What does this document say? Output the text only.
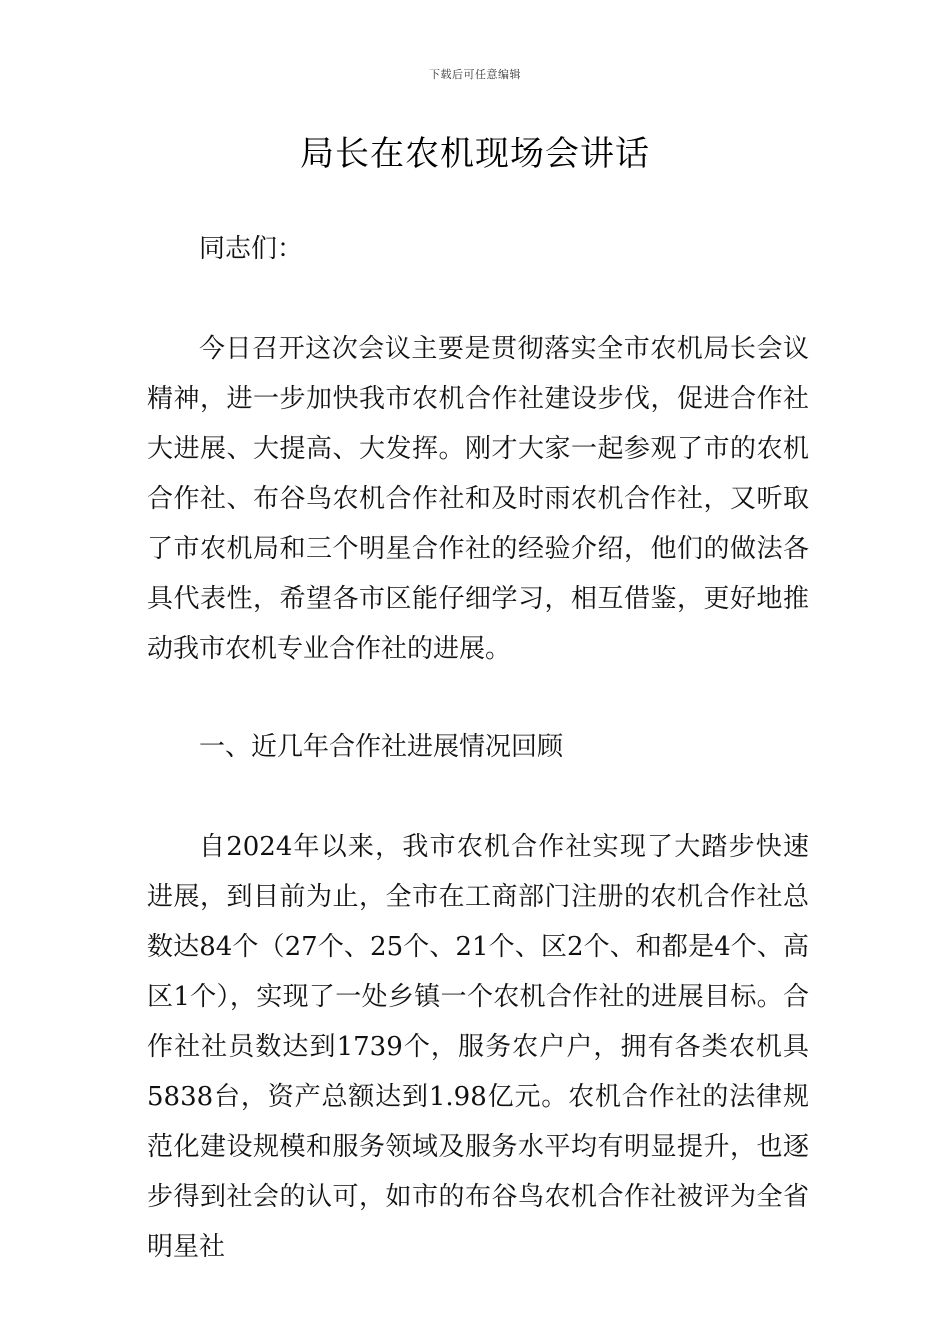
下载后可任意编辑
局长在农机现场会讲话

同志们：

今日召开这次会议主要是贯彻落实全市农机局长会议精神，进一步加快我市农机合作社建设步伐，促进合作社大进展、大提高、大发挥。刚才大家一起参观了市的农机合作社、布谷鸟农机合作社和及时雨农机合作社，又听取了市农机局和三个明星合作社的经验介绍，他们的做法各具代表性，希望各市区能仔细学习，相互借鉴，更好地推动我市农机专业合作社的进展。

一、近几年合作社进展情况回顾

自2024年以来，我市农机合作社实现了大踏步快速进展，到目前为止，全市在工商部门注册的农机合作社总数达84个（27个、25个、21个、区2个、和都是4个、高区1个），实现了一处乡镇一个农机合作社的进展目标。合作社社员数达到1739个，服务农户户，拥有各类农机具5838台，资产总额达到1.98亿元。农机合作社的法律规范化建设规模和服务领域及服务水平均有明显提升，也逐步得到社会的认可，如市的布谷鸟农机合作社被评为全省明星社
